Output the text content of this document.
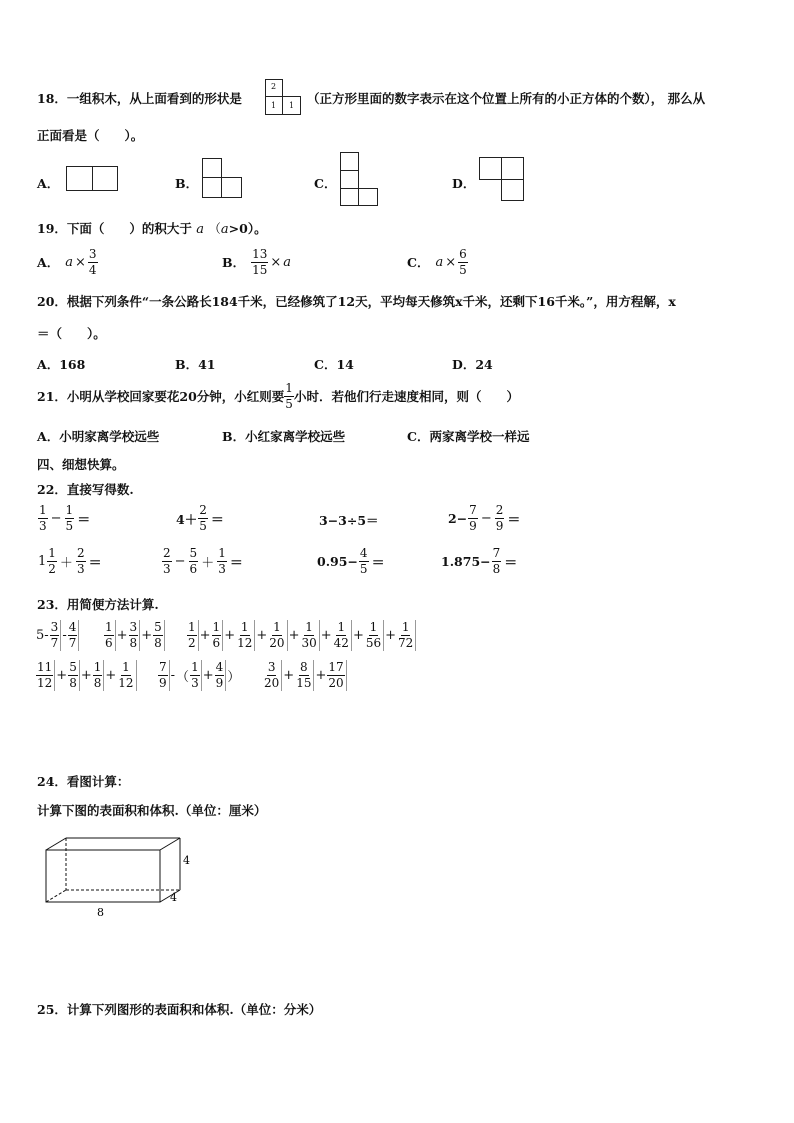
18．一组积木，从上面看到的形状是
2
1 1 （正方形里面的数字表示在这个位置上所有的小正方体的个数）， 那么从
正面看是（　　）。
A．	B．	C．	D．
19．下面（　　）的积大于 a （a>0）。
A． $a \times \frac{3}{4}$	B． $\frac{13}{15} \times a$	C． $a \times \frac{6}{5}$
20．根据下列条件“一条公路长184千米，已经修筑了12天，平均每天修筑x千米，还剩下16千米。”，用方程解，x
＝（　　）。
A．168	B．41	C．14	D．24
21．小明从学校回家要花20分钟，小红则要 $\frac{1}{5}$ 小时．若他们行走速度相同，则（　　）
A．小明家离学校远些	B．小红家离学校远些	C．两家离学校一样远
四、细想快算。
22．直接写得数.
$\frac{1}{3} - \frac{1}{5}$ ＝	$4+ \frac{2}{5}$ ＝	3−3÷5＝	$2- \frac{7}{9} - \frac{2}{9}$ ＝
$1 \frac{1}{2} + \frac{2}{3}$ ＝	$\frac{2}{3} - \frac{5}{6} + \frac{1}{3}$ ＝	$0.95- \frac{4}{5}$ ＝	$1.875- \frac{7}{8}$ ＝
23．用简便方法计算.
$5- \frac{3}{7} - \frac{4}{7} \frac{1}{6} + \frac{3}{8} + \frac{5}{8} \frac{1}{2} + \frac{1}{6} + \frac{1}{12} + \frac{1}{20} + \frac{1}{30} + \frac{1}{42} + \frac{1}{56} + \frac{1}{72}$
$\frac{11}{12} + \frac{5}{8} + \frac{1}{8} + \frac{1}{12} \frac{7}{9}$ - （ $\frac{1}{3} + \frac{4}{9}$ ） $\frac{3}{20} + \frac{8}{15} + \frac{17}{20}$
24．看图计算：
计算下图的表面积和体积.（单位：厘米）
4
4
8
25．计算下列图形的表面积和体积.（单位：分米）
